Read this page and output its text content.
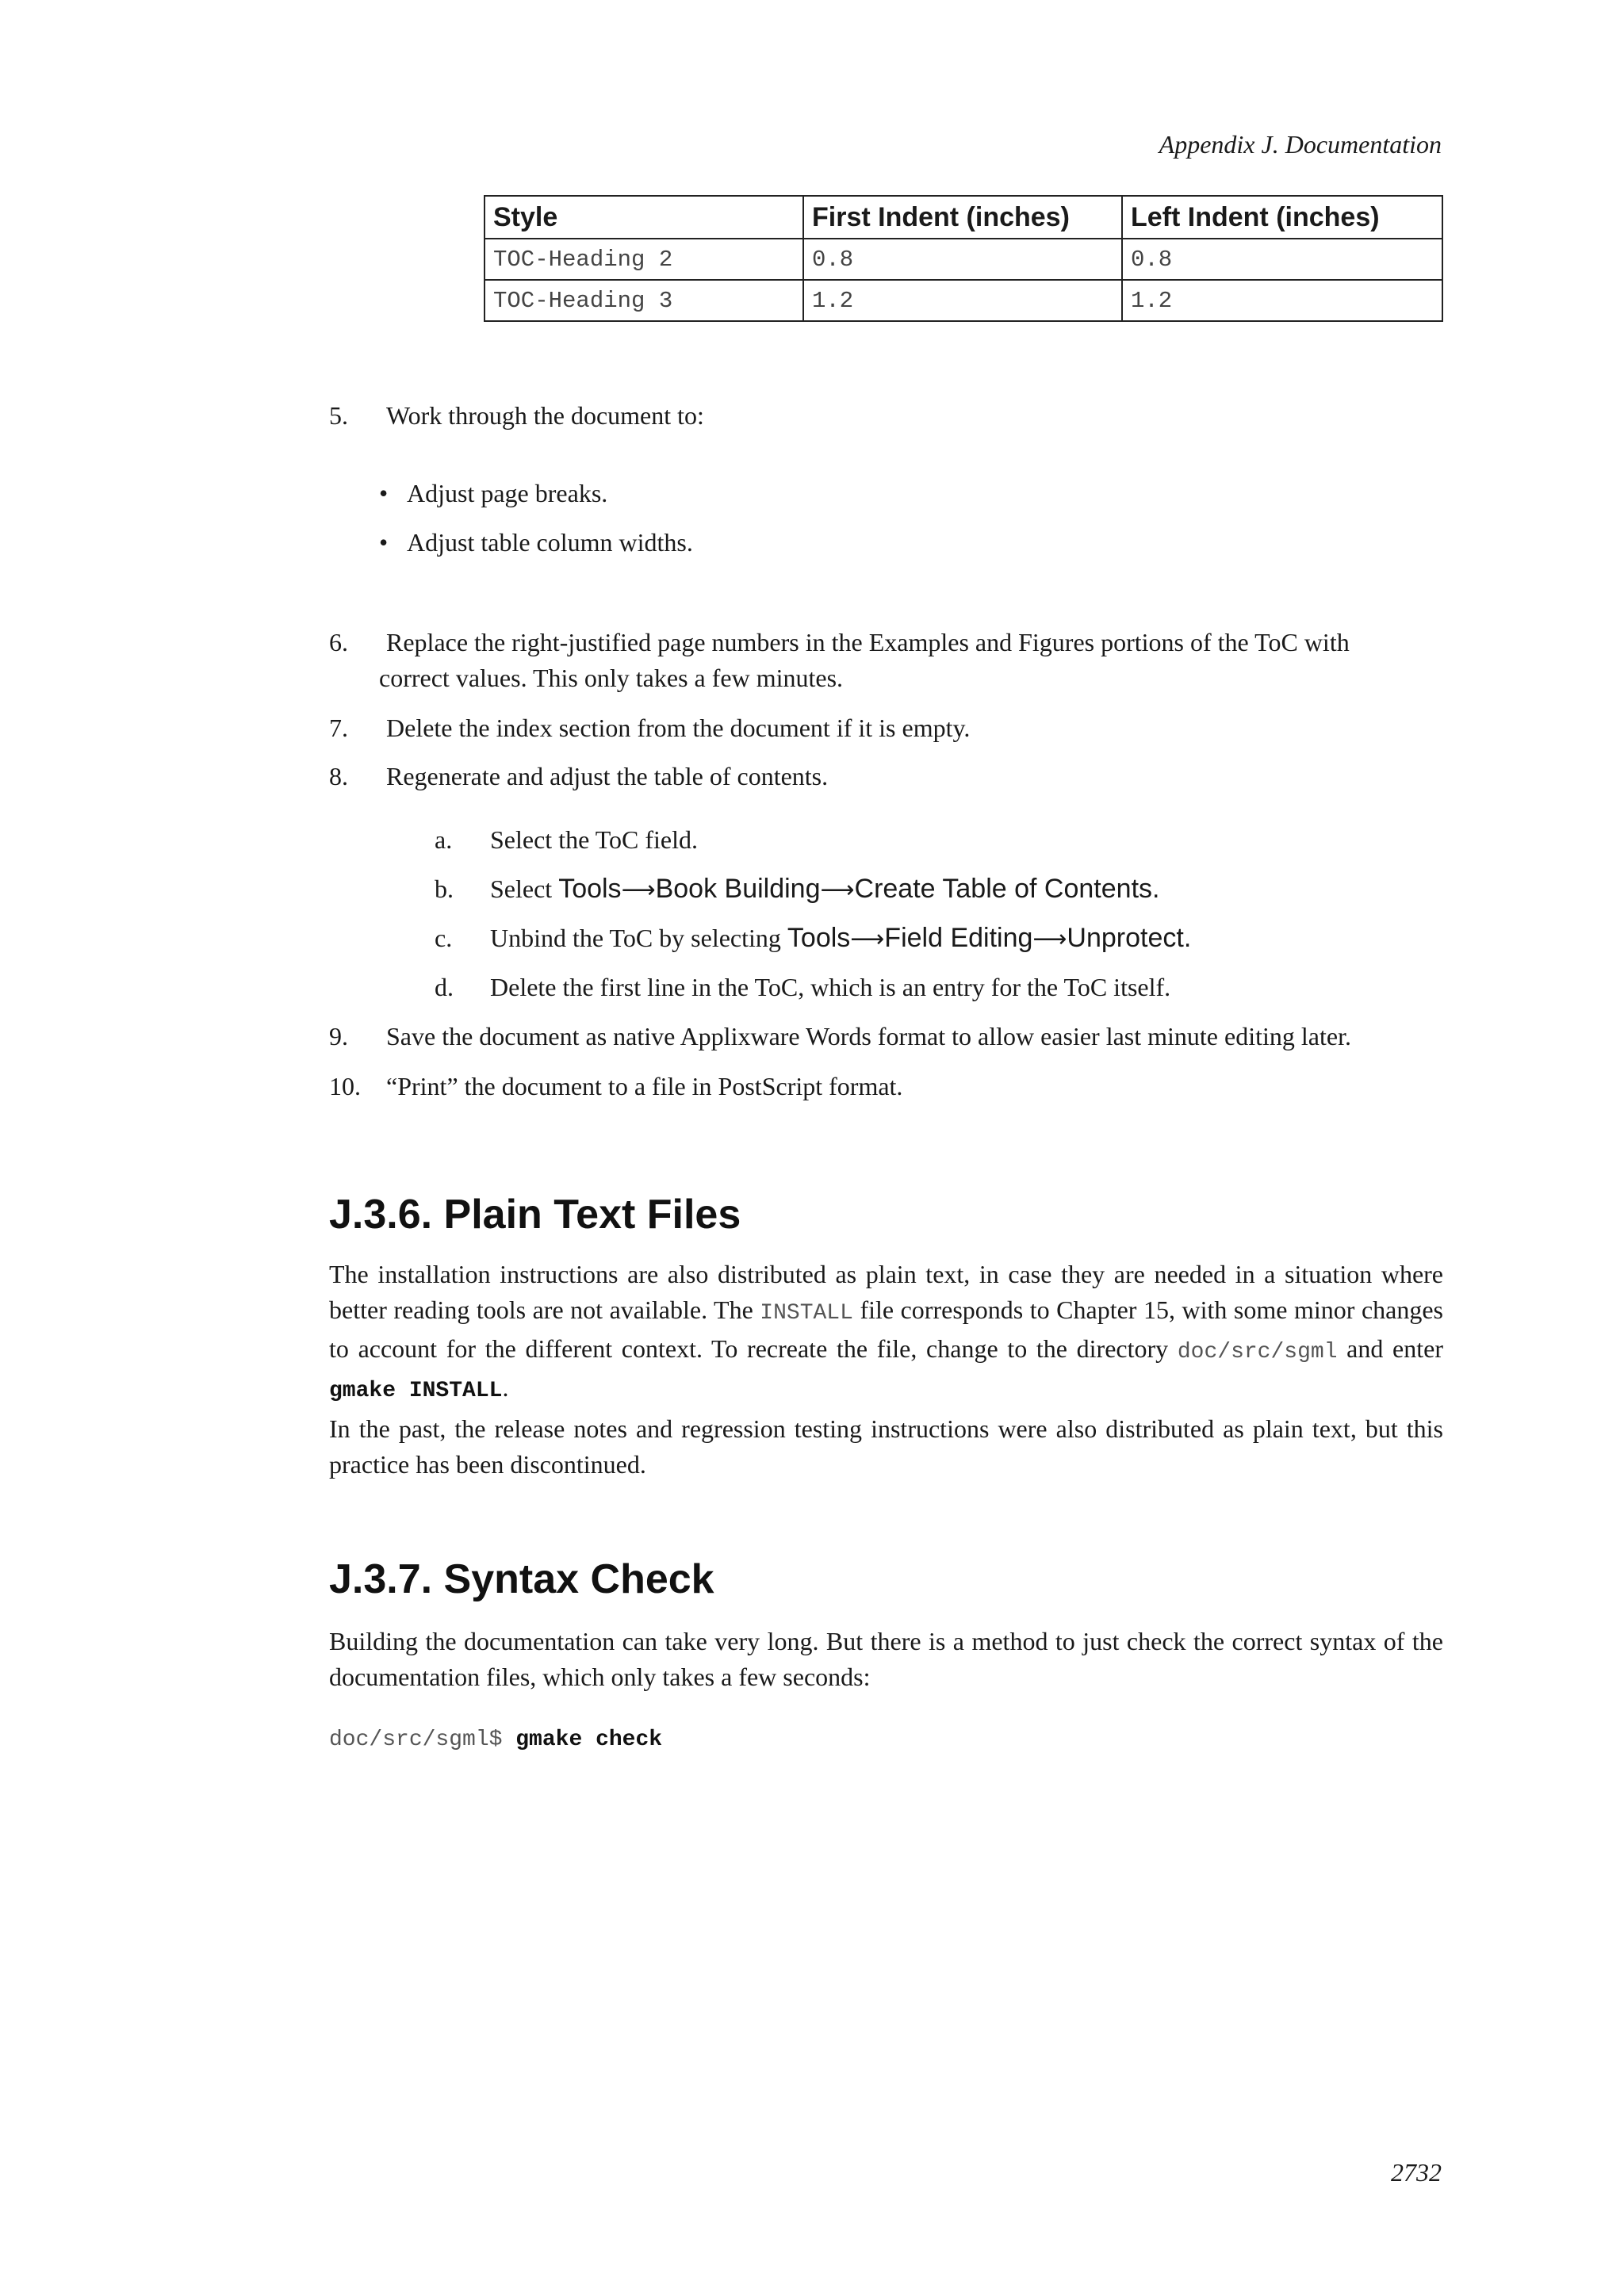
Appendix J. Documentation
Style	First Indent (inches)	Left Indent (inches)
TOC-Heading 2	0.8	0.8
TOC-Heading 3	1.2	1.2
5. Work through the document to:
• Adjust page breaks.
• Adjust table column widths.
6. Replace the right-justified page numbers in the Examples and Figures portions of the ToC with
correct values. This only takes a few minutes.
7. Delete the index section from the document if it is empty.
8. Regenerate and adjust the table of contents.
a. Select the ToC field.
b. Select Tools⟶Book Building⟶Create Table of Contents.
c. Unbind the ToC by selecting Tools⟶Field Editing⟶Unprotect.
d. Delete the first line in the ToC, which is an entry for the ToC itself.
9. Save the document as native Applixware Words format to allow easier last minute editing later.
10. “Print” the document to a file in PostScript format.
J.3.6. Plain Text Files

The installation instructions are also distributed as plain text, in case they are needed in a situation where better reading tools are not available. The INSTALL file corresponds to Chapter 15, with some minor changes to account for the different context. To recreate the file, change to the directory doc/src/sgml and enter gmake INSTALL.

In the past, the release notes and regression testing instructions were also distributed as plain text, but this practice has been discontinued.

J.3.7. Syntax Check

Building the documentation can take very long. But there is a method to just check the correct syntax of the documentation files, which only takes a few seconds:

doc/src/sgml$ gmake check
2732
